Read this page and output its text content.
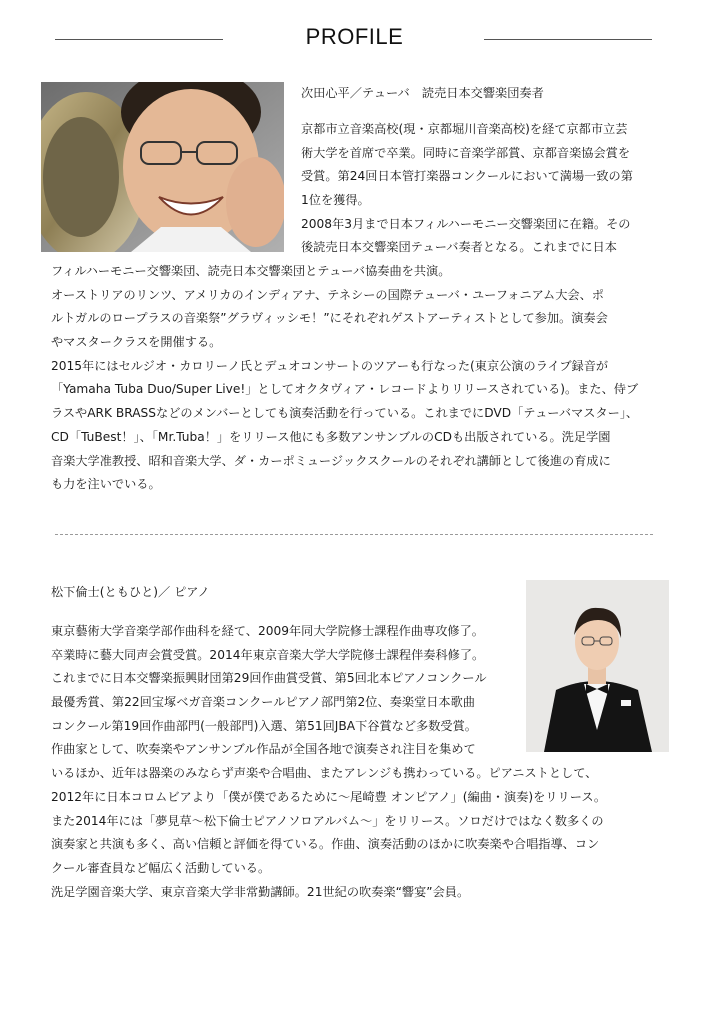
PROFILE
次田心平／テューバ　読売日本交響楽団奏者
京都市立音楽高校(現・京都堀川音楽高校)を経て京都市立芸
術大学を首席で卒業。同時に音楽学部賞、京都音楽協会賞を
受賞。第24回日本管打楽器コンクールにおいて満場一致の第
1位を獲得。
2008年3月まで日本フィルハーモニー交響楽団に在籍。その
後読売日本交響楽団テューバ奏者となる。これまでに日本
フィルハーモニー交響楽団、読売日本交響楽団とテューバ協奏曲を共演。
オーストリアのリンツ、アメリカのインディアナ、テネシーの国際テューバ・ユーフォニアム大会、ポ
ルトガルのロープラスの音楽祭”グラヴィッシモ！”にそれぞれゲストアーティストとして参加。演奏会
やマスタークラスを開催する。
2015年にはセルジオ・カロリーノ氏とデュオコンサートのツアーも行なった(東京公演のライブ録音が
「Yamaha Tuba Duo/Super Live!」としてオクタヴィア・レコードよりリリースされている)。また、侍ブ
ラスやARK BRASSなどのメンバーとしても演奏活動を行っている。これまでにDVD「テューバマスター」、
CD「TuBest！」、「Mr.Tuba！」をリリース他にも多数アンサンブルのCDも出版されている。洗足学園
音楽大学准教授、昭和音楽大学、ダ・カーポミュージックスクールのそれぞれ講師として後進の育成に
も力を注いでいる。
松下倫士(ともひと)／ ピアノ
東京藝術大学音楽学部作曲科を経て、2009年同大学院修士課程作曲専攻修了。
卒業時に藝大同声会賞受賞。2014年東京音楽大学大学院修士課程伴奏科修了。
これまでに日本交響楽振興財団第29回作曲賞受賞、第5回北本ピアノコンクール
最優秀賞、第22回宝塚ベガ音楽コンクールピアノ部門第2位、奏楽堂日本歌曲
コンクール第19回作曲部門(一般部門)入選、第51回JBA下谷賞など多数受賞。
作曲家として、吹奏楽やアンサンブル作品が全国各地で演奏され注目を集めて
いるほか、近年は器楽のみならず声楽や合唱曲、またアレンジも携わっている。ピアニストとして、
2012年に日本コロムビアより「僕が僕であるために〜尾崎豊 オンピアノ」(編曲・演奏)をリリース。
また2014年には「夢見草〜松下倫士ピアノソロアルバム〜」をリリース。ソロだけではなく数多くの
演奏家と共演も多く、高い信頼と評価を得ている。作曲、演奏活動のほかに吹奏楽や合唱指導、コン
クール審査員など幅広く活動している。
洗足学園音楽大学、東京音楽大学非常勤講師。21世紀の吹奏楽“響宴”会員。
